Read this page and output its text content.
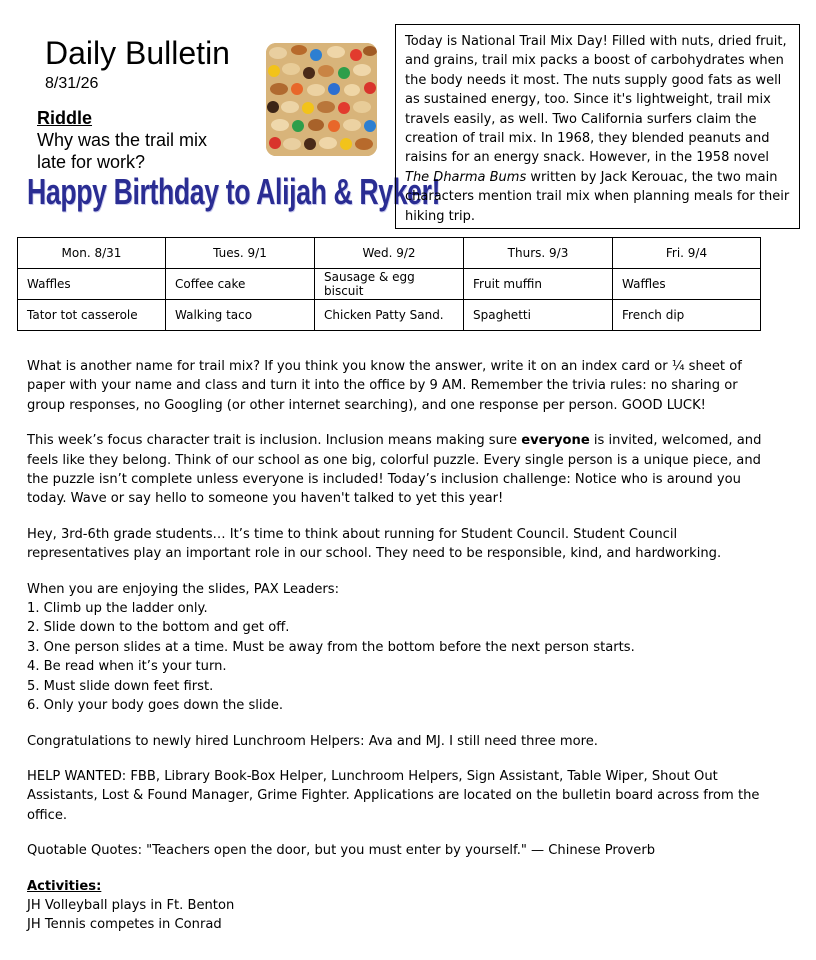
Daily Bulletin
8/31/26
Riddle
Why was the trail mix late for work?
Happy Birthday to Alijah & Ryker!
Today is National Trail Mix Day! Filled with nuts, dried fruit, and grains, trail mix packs a boost of carbohydrates when the body needs it most. The nuts supply good fats as well as sustained energy, too. Since it's lightweight, trail mix travels easily, as well. Two California surfers claim the creation of trail mix. In 1968, they blended peanuts and raisins for an energy snack. However, in the 1958 novel The Dharma Bums written by Jack Kerouac, the two main characters mention trail mix when planning meals for their hiking trip.
Mon. 8/31	Tues. 9/1	Wed. 9/2	Thurs. 9/3	Fri. 9/4
Waffles	Coffee cake	Sausage & egg biscuit	Fruit muffin	Waffles
Tator tot casserole	Walking taco	Chicken Patty Sand.	Spaghetti	French dip

What is another name for trail mix? If you think you know the answer, write it on an index card or ¼ sheet of paper with your name and class and turn it into the office by 9 AM. Remember the trivia rules: no sharing or group responses, no Googling (or other internet searching), and one response per person. GOOD LUCK!

This week’s focus character trait is inclusion. Inclusion means making sure everyone is invited, welcomed, and feels like they belong. Think of our school as one big, colorful puzzle. Every single person is a unique piece, and the puzzle isn’t complete unless everyone is included! Today’s inclusion challenge: Notice who is around you today. Wave or say hello to someone you haven't talked to yet this year!

Hey, 3rd-6th grade students… It’s time to think about running for Student Council. Student Council representatives play an important role in our school. They need to be responsible, kind, and hardworking.

When you are enjoying the slides, PAX Leaders:
1. Climb up the ladder only.
2. Slide down to the bottom and get off.
3. One person slides at a time. Must be away from the bottom before the next person starts.
4. Be read when it’s your turn.
5. Must slide down feet first.
6. Only your body goes down the slide.

Congratulations to newly hired Lunchroom Helpers: Ava and MJ. I still need three more.

HELP WANTED: FBB, Library Book-Box Helper, Lunchroom Helpers, Sign Assistant, Table Wiper, Shout Out Assistants, Lost & Found Manager, Grime Fighter. Applications are located on the bulletin board across from the office.

Quotable Quotes: "Teachers open the door, but you must enter by yourself." — Chinese Proverb

Activities:
JH Volleyball plays in Ft. Benton
JH Tennis competes in Conrad
